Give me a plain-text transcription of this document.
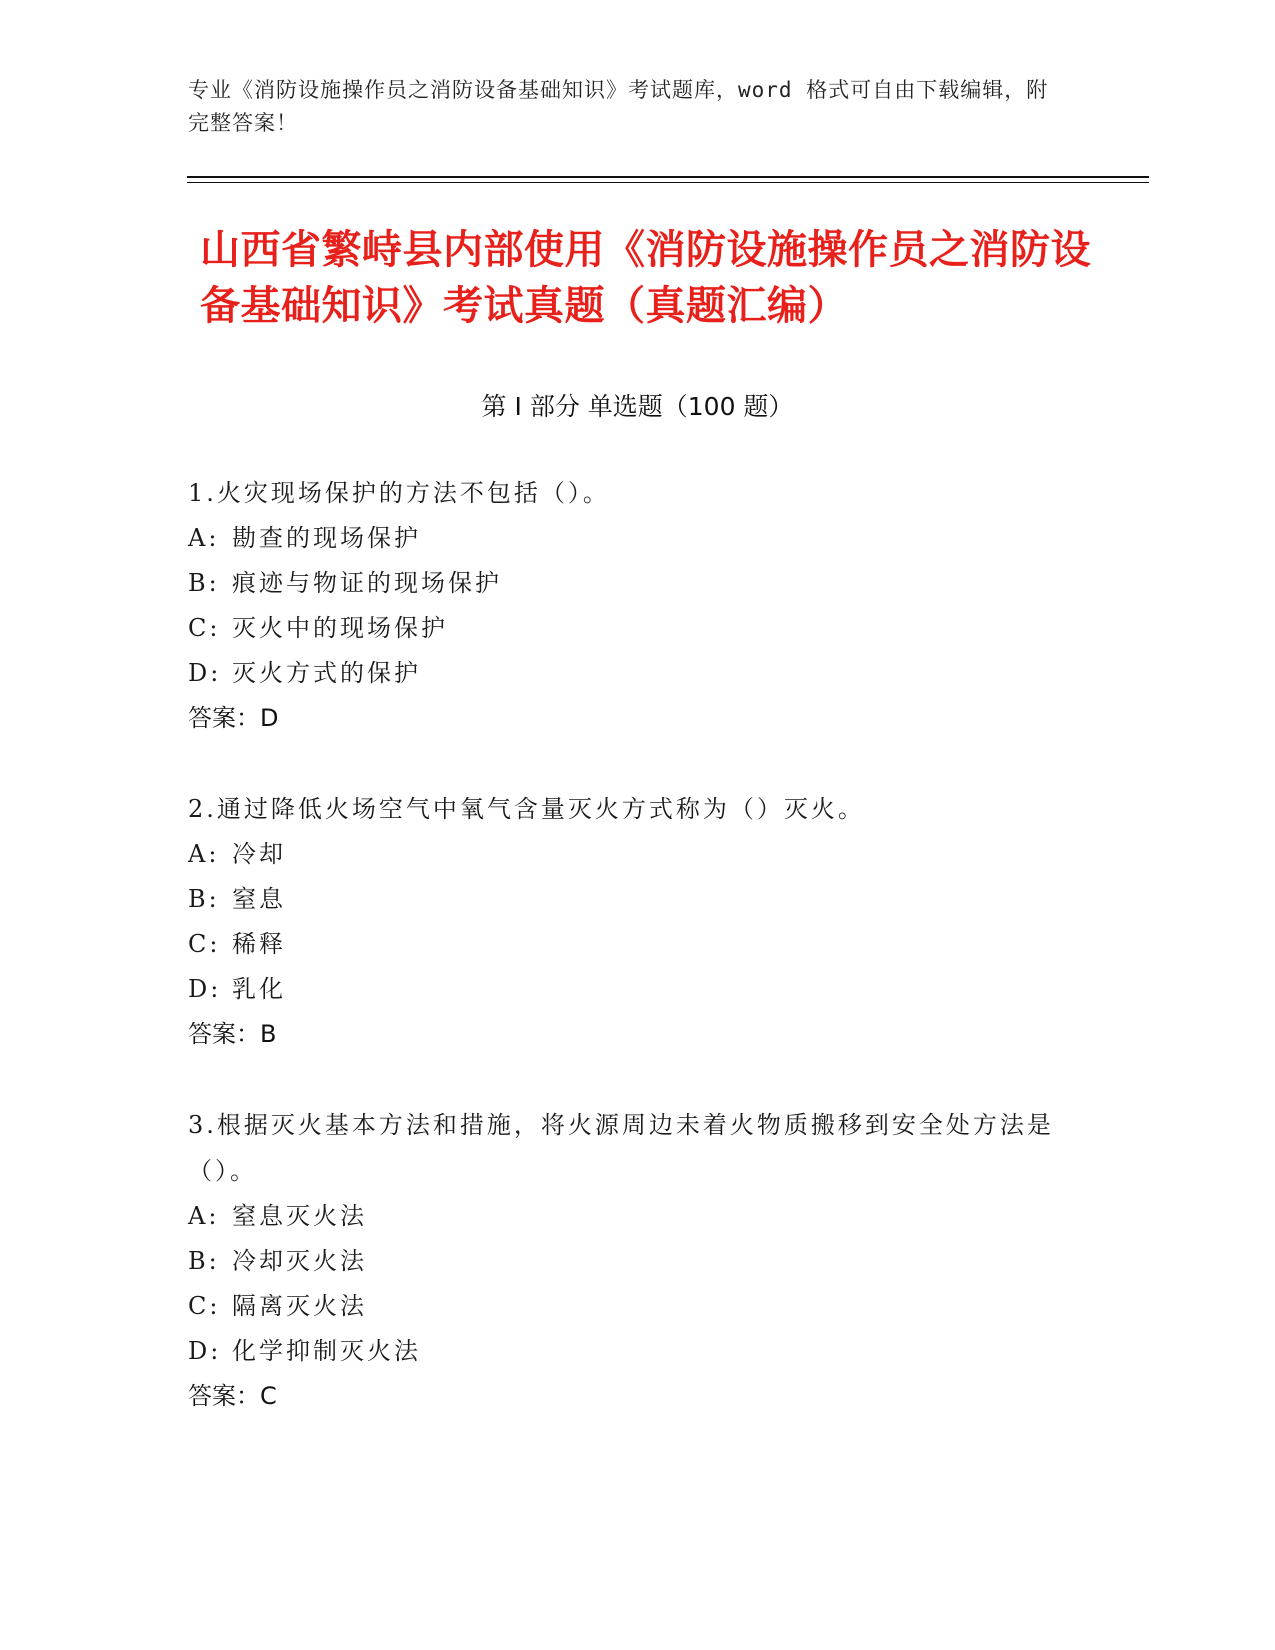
专业《消防设施操作员之消防设备基础知识》考试题库，word 格式可自由下载编辑，附完整答案！
山西省繁峙县内部使用《消防设施操作员之消防设备基础知识》考试真题（真题汇编）
第 I 部分 单选题（100 题）
1.火灾现场保护的方法不包括（）。
A: 勘查的现场保护
B: 痕迹与物证的现场保护
C: 灭火中的现场保护
D: 灭火方式的保护
答案：D
2.通过降低火场空气中氧气含量灭火方式称为（）灭火。
A: 冷却
B: 窒息
C: 稀释
D: 乳化
答案：B
3.根据灭火基本方法和措施，将火源周边未着火物质搬移到安全处方法是（）。
A: 窒息灭火法
B: 冷却灭火法
C: 隔离灭火法
D: 化学抑制灭火法
答案：C
